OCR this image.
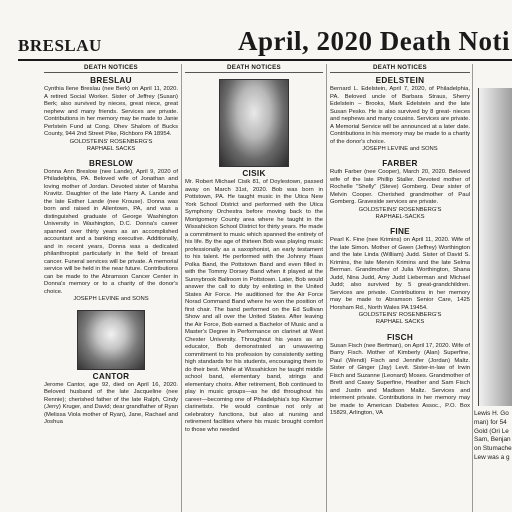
BRESLAU	April, 2020 Death Noti
DEATH NOTICES
BRESLAU
Cynthia Ilene Breslau (nee Berk) on April 11, 2020. A retired Social Worker. Sister of Jeffrey (Susan) Berk; also survived by nieces, great niece, great nephew and many friends. Services are private. Contributions in her memory may be made to Janie Perlstein Fund at Cong. Ohev Shalom of Bucks County, 944 2nd Street Pike, Richboro PA 18954.
GOLDSTEINS' ROSENBERG'S
RAPHAEL SACKS
BRESLOW
Donna Ann Breslow (nee Lande), April 9, 2020 of Philadelphia, PA. Beloved wife of Jonathan and loving mother of Jordan. Devoted sister of Marsha Kravitz. Daughter of the late Harry A. Lande and the late Esther Lande (nee Krouse). Donna was born and raised in Allentown, PA, and was a distinguished graduate of George Washington University in Washington, D.C. Donna's career spanned over thirty years as an accomplished accountant and a banking executive. Additionally, and in recent years, Donna was a dedicated philanthropist particularly in the field of breast cancer. Funeral services will be private. A memorial service will be held in the near future. Contributions can be made to the Abramson Cancer Center in Donna's memory or to a charity of the donor's choice.
JOSEPH LEVINE and SONS
CANTOR
Jerome Cantor, age 92, died on April 16, 2020. Beloved husband of the late Jacqueline (nee Rennie); cherished father of the late Ralph, Cindy (Jerry) Kruger, and David; dear grandfather of Ryan (Melissa Viola mother of Ryan), Jane, Rachael and Joshua
DEATH NOTICES
CISIK
Mr. Robert Michael Cisik 81, of Doylestown, passed away on March 31st, 2020. Bob was born in Pottstown, PA. He taught music in the Utica New York School District and performed with the Utica Symphony Orchestra before moving back to the Montgomery County area where he taught in the Wissahickon School District for thirty years. He made a commitment to music which spanned the entirety of his life. By the age of thirteen Bob was playing music professionally as a saxophonist, an early testament to his talent. He performed with the Johnny Haas Polka Band, the Pottstown Band and even filled in with the Tommy Dorsey Band when it played at the Sunnybrook Ballroom in Pottstown. Later, Bob would answer the call to duty by enlisting in the United States Air Force. He auditioned for the Air Force Norad Command Band where he won the position of first chair. The band performed on the Ed Sullivan Show and all over the United States. After leaving the Air Force, Bob earned a Bachelor of Music and a Master's Degree in Performance on clarinet at West Chester University. Throughout his years as an educator, Bob demonstrated an unwavering commitment to his profession by consistently setting high standards for his students, encouraging them to do their best. While at Wissahickon he taught middle school band, elementary band, strings and elementary choirs. After retirement, Bob continued to play in music groups—as he did throughout his career—becoming one of Philadelphia's top Klezmer clarinetists. He would continue not only at celebratory functions, but also at nursing and retirement facilities where his music brought comfort to those who needed
DEATH NOTICES
EDELSTEIN
Bernard L. Edelstein, April 7, 2020, of Philadelphia, PA. Beloved uncle of Barbara Straus, Sherry Edelstein – Brooks, Mark Edelstein and the late Susan Pesko. He is also survived by 8 great- nieces and nephews and many cousins. Services are private. A Memorial Service will be announced at a later date. Contributions in his memory may be made to a charity of the donor's choice.
JOSEPH LEVINE and SONS
FARBER
Ruth Farber (nee Cooper), March 20, 2020. Beloved wife of the late Phillip Staller. Devoted mother of Rochelle "Shelly" (Steve) Gomberg. Dear sister of Melvin Cooper. Cherished grandmother of Paul Gomberg. Graveside services are private.
GOLDSTEINS' ROSENBERG'S
RAPHAEL-SACKS
FINE
Pearl K. Fine (nee Krimins) on April 11, 2020. Wife of the late Simon. Mother of Gwen (Jeffrey) Worthington and the late Linda (William) Judd. Sister of David S. Krimins, the late Mervin Krimins and the late Selma Berman. Grandmother of Julia Worthington, Shana Judd, Nina Judd, Amy Judd Lieberman and Michael Judd; also survived by 5 great-grandchildren. Services are private. Contributions in her memory may be made to Abramson Senior Care, 1425 Horsham Rd., North Wales PA 19454.
GOLDSTEINS' ROSENBERG'S
RAPHAEL SACKS
FISCH
Susan Fisch (nee Bertman), on April 17, 2020. Wife of Barry Fisch. Mother of Kimberly (Alan) Superfine, Paul (Wendi) Fisch and Jennifer (Jordan) Maltz. Sister of Ginger (Jay) Levit. Sister-in-law of Irwin Fisch and Suzanne (Leonard) Moses. Grandmother of Brett and Casey Superfine, Heather and Sam Fisch and Justin and Madison Maltz. Services and interment private. Contributions in her memory may be made to American Diabetes Assoc., P.O. Box 15829, Arlington, VA	Lewis H. Go
man) for 54
Gold (Ori Le
Sam, Benjan
on Stumache
Lew was a g
